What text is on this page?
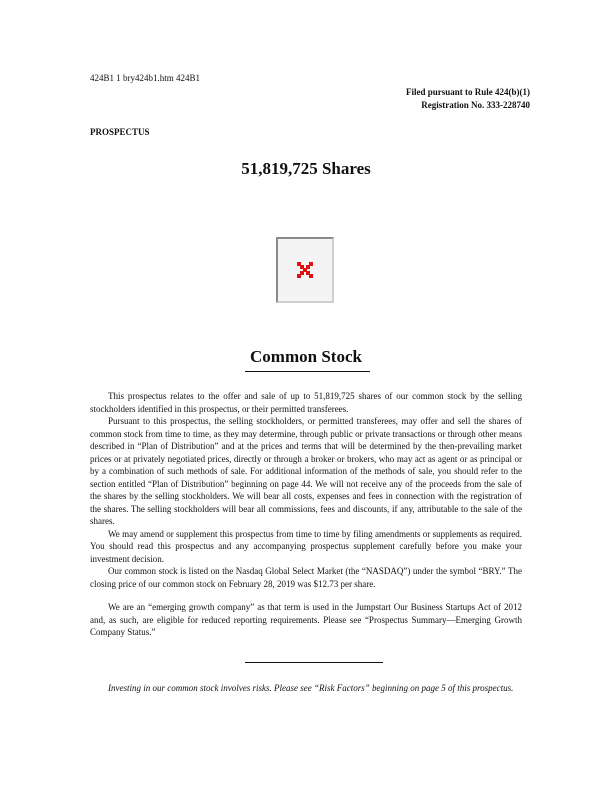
424B1 1 bry424b1.htm 424B1
Filed pursuant to Rule 424(b)(1)
Registration No. 333-228740
PROSPECTUS
51,819,725 Shares
Common Stock

This prospectus relates to the offer and sale of up to 51,819,725 shares of our common stock by the selling stockholders identified in this prospectus, or their permitted transferees.

Pursuant to this prospectus, the selling stockholders, or permitted transferees, may offer and sell the shares of common stock from time to time, as they may determine, through public or private transactions or through other means described in “Plan of Distribution” and at the prices and terms that will be determined by the then-prevailing market prices or at privately negotiated prices, directly or through a broker or brokers, who may act as agent or as principal or by a combination of such methods of sale. For additional information of the methods of sale, you should refer to the section entitled “Plan of Distribution” beginning on page 44. We will not receive any of the proceeds from the sale of the shares by the selling stockholders. We will bear all costs, expenses and fees in connection with the registration of the shares. The selling stockholders will bear all commissions, fees and discounts, if any, attributable to the sale of the shares.

We may amend or supplement this prospectus from time to time by filing amendments or supplements as required. You should read this prospectus and any accompanying prospectus supplement carefully before you make your investment decision.

Our common stock is listed on the Nasdaq Global Select Market (the “NASDAQ”) under the symbol “BRY.” The closing price of our common stock on February 28, 2019 was $12.73 per share.

We are an “emerging growth company” as that term is used in the Jumpstart Our Business Startups Act of 2012 and, as such, are eligible for reduced reporting requirements. Please see “Prospectus Summary—Emerging Growth Company Status.”

Investing in our common stock involves risks. Please see “Risk Factors” beginning on page 5 of this prospectus.
